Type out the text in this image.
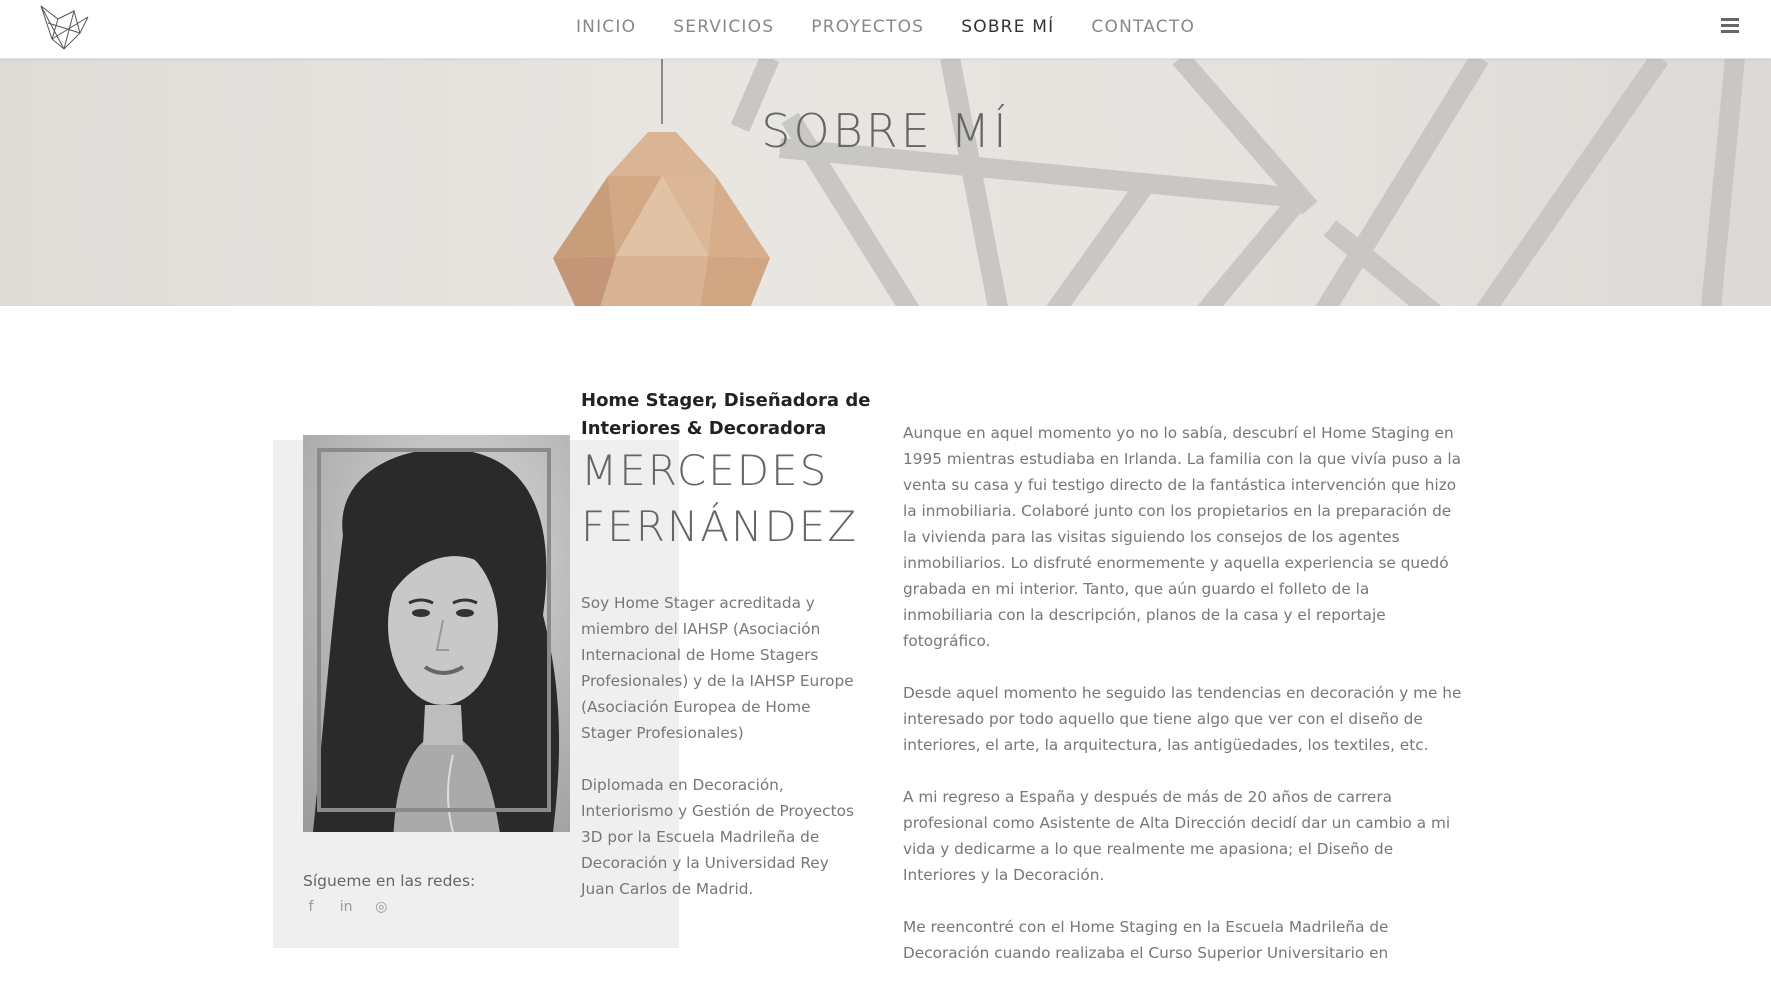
INICIO SERVICIOS PROYECTOS SOBRE MÍ CONTACTO
SOBRE MÍ
Sígueme en las redes:
f in ◎
Home Stager, Diseñadora de Interiores & Decoradora
MERCEDES
FERNÁNDEZ

Soy Home Stager acreditada y miembro del IAHSP (Asociación Internacional de Home Stagers Profesionales) y de la IAHSP Europe (Asociación Europea de Home Stager Profesionales)

Diplomada en Decoración, Interiorismo y Gestión de Proyectos 3D por la Escuela Madrileña de Decoración y la Universidad Rey Juan Carlos de Madrid.

Aunque en aquel momento yo no lo sabía, descubrí el Home Staging en 1995 mientras estudiaba en Irlanda. La familia con la que vivía puso a la venta su casa y fui testigo directo de la fantástica intervención que hizo la inmobiliaria. Colaboré junto con los propietarios en la preparación de la vivienda para las visitas siguiendo los consejos de los agentes inmobiliarios. Lo disfruté enormemente y aquella experiencia se quedó grabada en mi interior. Tanto, que aún guardo el folleto de la inmobiliaria con la descripción, planos de la casa y el reportaje fotográfico.

Desde aquel momento he seguido las tendencias en decoración y me he interesado por todo aquello que tiene algo que ver con el diseño de interiores, el arte, la arquitectura, las antigüedades, los textiles, etc.

A mi regreso a España y después de más de 20 años de carrera profesional como Asistente de Alta Dirección decidí dar un cambio a mi vida y dedicarme a lo que realmente me apasiona; el Diseño de Interiores y la Decoración.

Me reencontré con el Home Staging en la Escuela Madrileña de Decoración cuando realizaba el Curso Superior Universitario en
